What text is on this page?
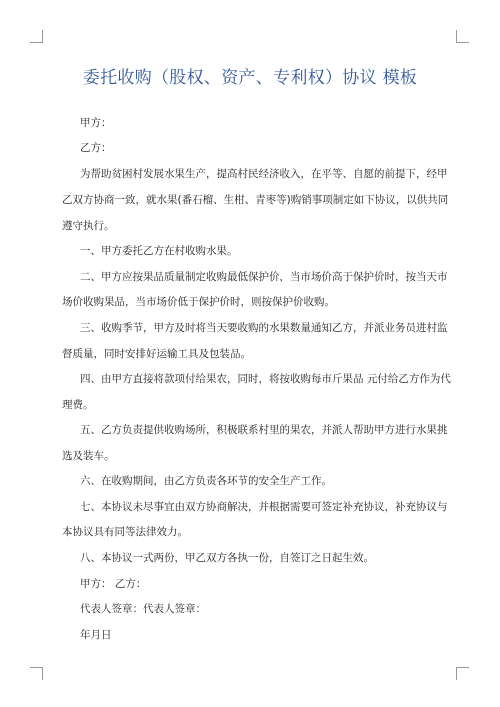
委托收购（股权、资产、专利权）协议 模板
甲方：
乙方：
为帮助贫困村发展水果生产，提高村民经济收入，在平等、自愿的前提下，经甲
乙双方协商一致，就水果(番石榴、生柑、青枣等)购销事项制定如下协议，以供共同
遵守执行。
一、甲方委托乙方在村收购水果。
二、甲方应按果品质量制定收购最低保护价，当市场价高于保护价时，按当天市
场价收购果品，当市场价低于保护价时，则按保护价收购。
三、收购季节，甲方及时将当天要收购的水果数量通知乙方，并派业务员进村监
督质量，同时安排好运输工具及包装品。
四、由甲方直接将款项付给果农，同时，将按收购每市斤果品 元付给乙方作为代
理费。
五、乙方负责提供收购场所，积极联系村里的果农，并派人帮助甲方进行水果挑
选及装车。
六、在收购期间，由乙方负责各环节的安全生产工作。
七、本协议未尽事宜由双方协商解决，并根据需要可签定补充协议，补充协议与
本协议具有同等法律效力。
八、本协议一式两份，甲乙双方各执一份，自签订之日起生效。
甲方： 乙方：
代表人签章：代表人签章：
年月日
